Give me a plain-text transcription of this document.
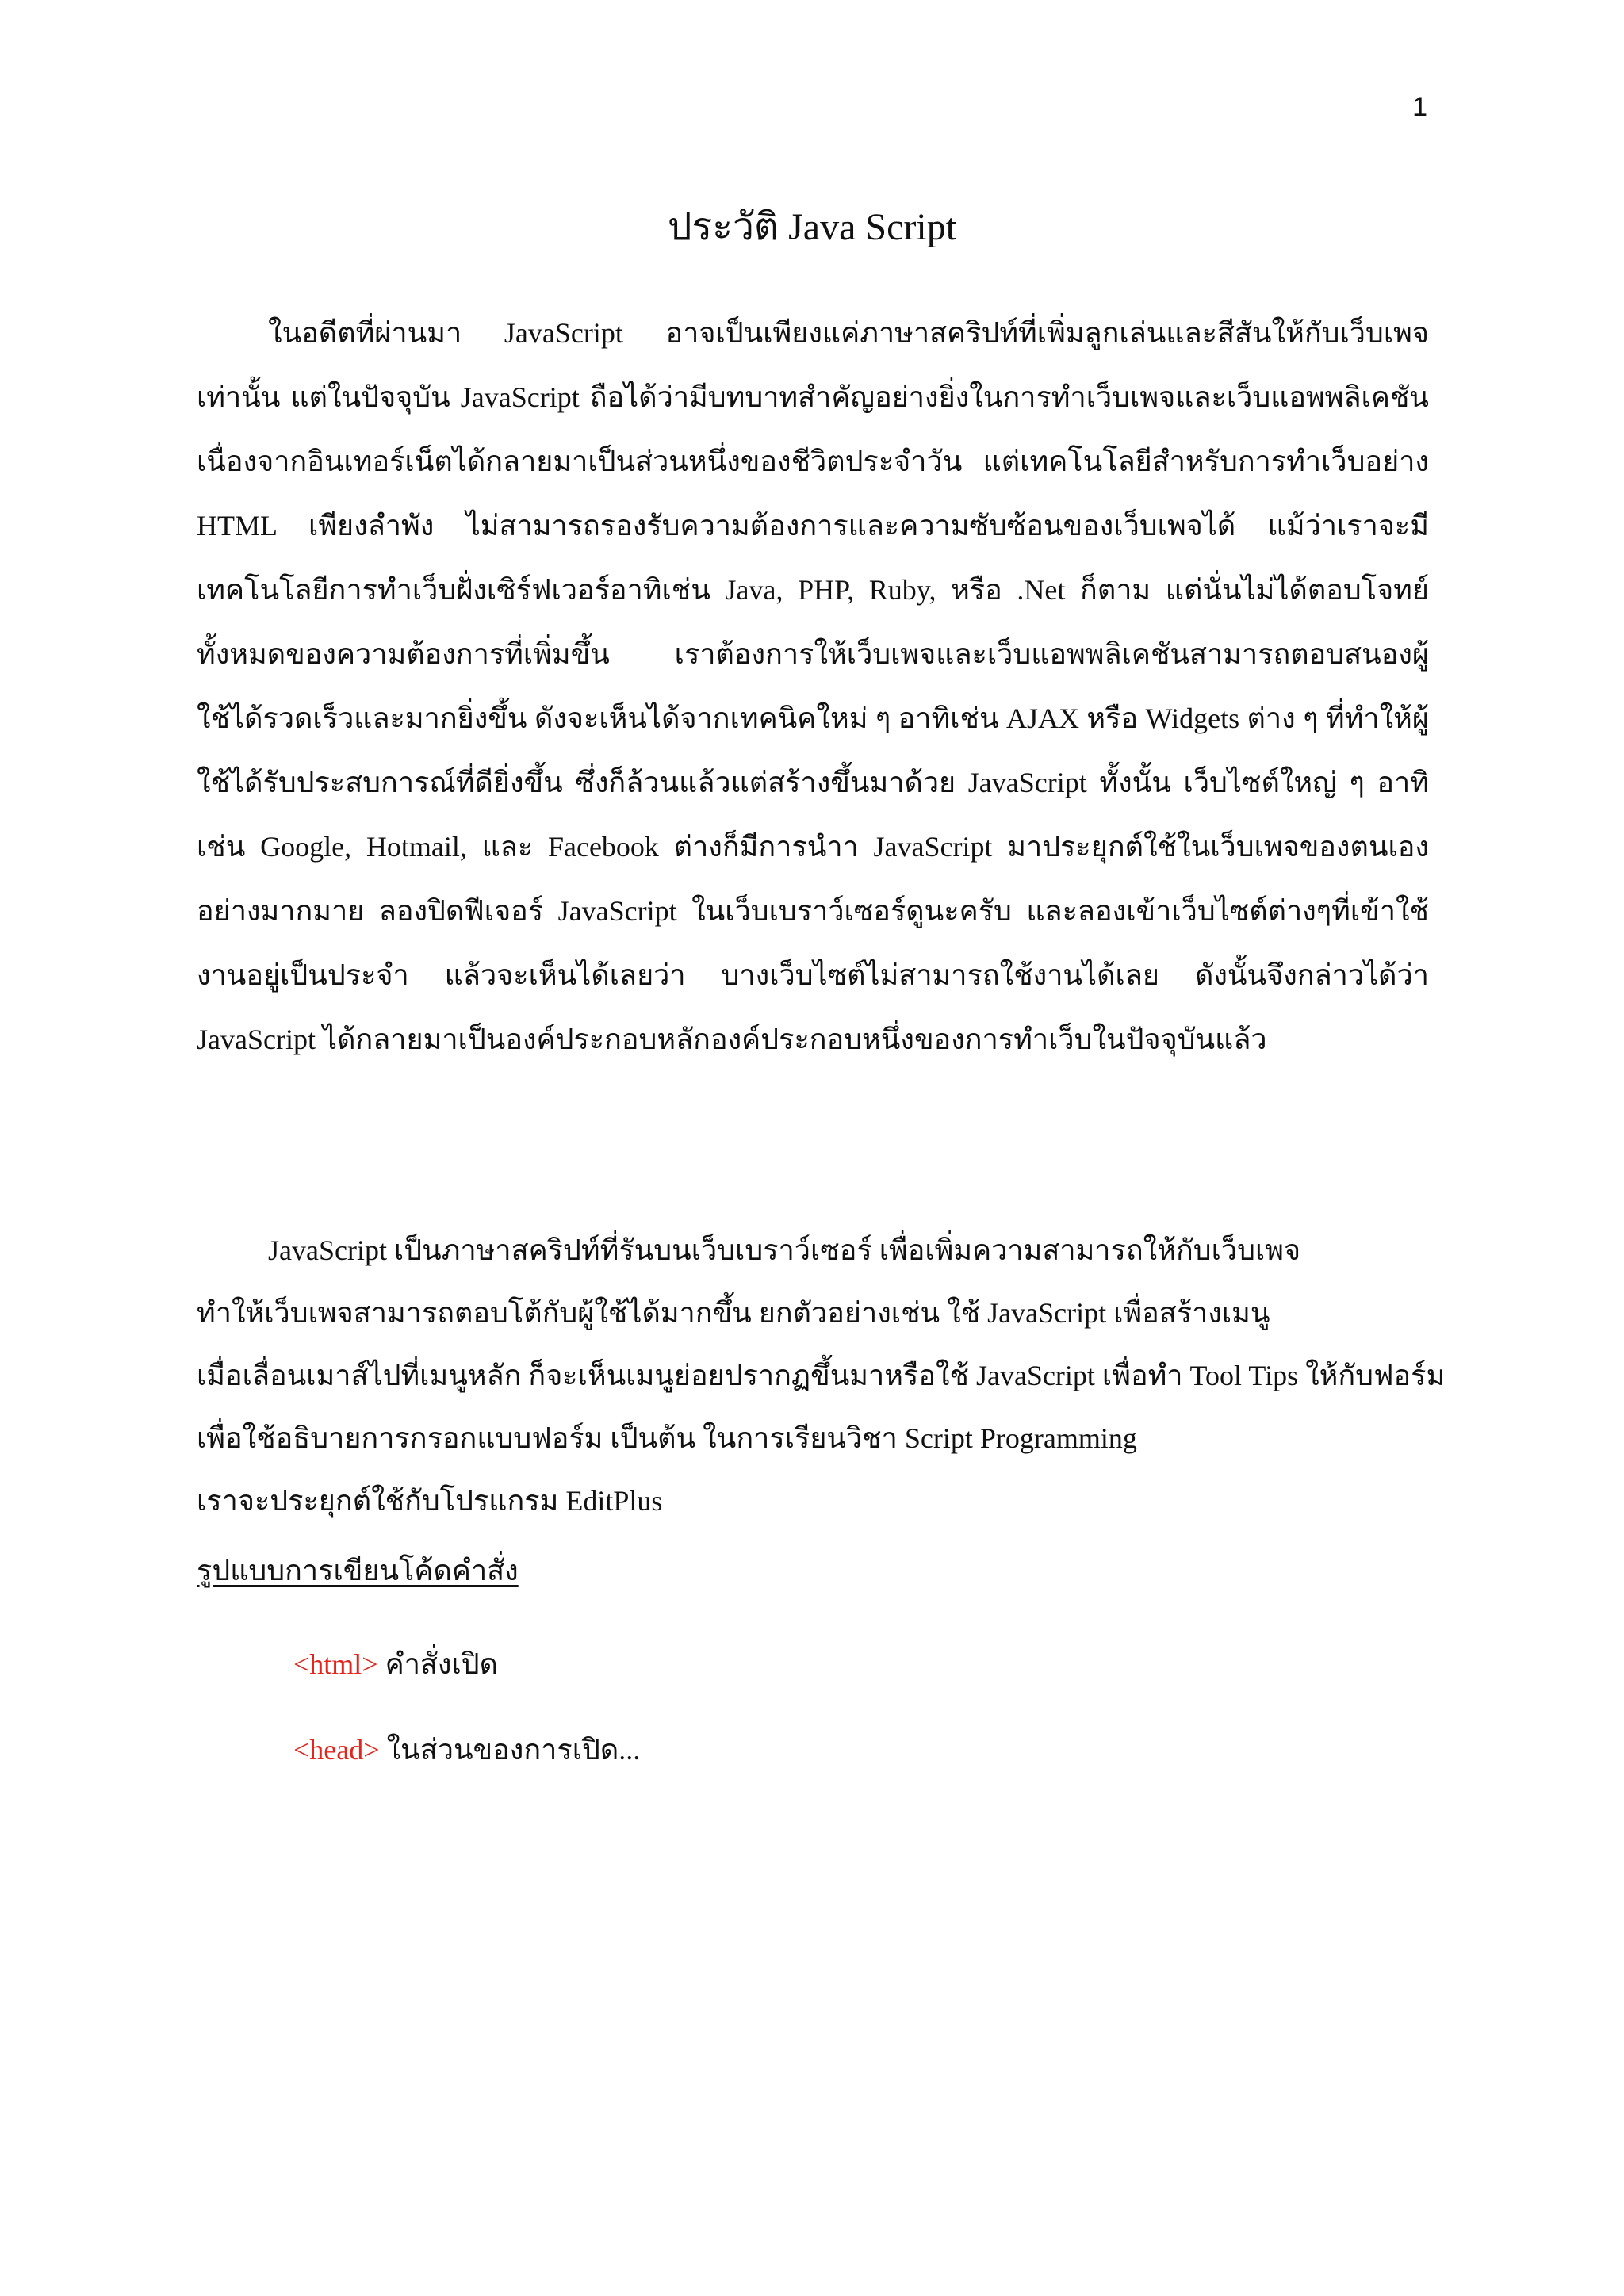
1
ประวัติ Java Script

ในอดีตที่ผ่านมา JavaScript อาจเป็นเพียงแค่ภาษาสคริปท์ที่เพิ่มลูกเล่นและสีสันให้กับเว็บเพจเท่านั้น แต่ในปัจจุบัน JavaScript ถือได้ว่ามีบทบาทสำคัญอย่างยิ่งในการทำเว็บเพจและเว็บแอพพลิเคชัน เนื่องจากอินเทอร์เน็ตได้กลายมาเป็นส่วนหนึ่งของชีวิตประจำวัน แต่เทคโนโลยีสำหรับการทำเว็บอย่าง HTML เพียงลำพัง ไม่สามารถรองรับความต้องการและความซับซ้อนของเว็บเพจได้ แม้ว่าเราจะมีเทคโนโลยีการทำเว็บฝั่งเซิร์ฟเวอร์อาทิเช่น Java, PHP, Ruby, หรือ .Net ก็ตาม แต่นั่นไม่ได้ตอบโจทย์ทั้งหมดของความต้องการที่เพิ่มขึ้น เราต้องการให้เว็บเพจและเว็บแอพพลิเคชันสามารถตอบสนองผู้ใช้ได้รวดเร็วและมากยิ่งขึ้น ดังจะเห็นได้จากเทคนิคใหม่ ๆ อาทิเช่น AJAX หรือ Widgets ต่าง ๆ ที่ทำให้ผู้ใช้ได้รับประสบการณ์ที่ดียิ่งขึ้น ซึ่งก็ล้วนแล้วแต่สร้างขึ้นมาด้วย JavaScript ทั้งนั้น เว็บไซต์ใหญ่ ๆ อาทิเช่น Google, Hotmail, และ Facebook ต่างก็มีการนำา JavaScript มาประยุกต์ใช้ในเว็บเพจของตนเองอย่างมากมาย ลองปิดฟีเจอร์ JavaScript ในเว็บเบราว์เซอร์ดูนะครับ และลองเข้าเว็บไซต์ต่างๆที่เข้าใช้งานอยู่เป็นประจำ แล้วจะเห็นได้เลยว่า บางเว็บไซต์ไม่สามารถใช้งานได้เลย ดังนั้นจึงกล่าวได้ว่า JavaScript ได้กลายมาเป็นองค์ประกอบหลักองค์ประกอบหนึ่งของการทำเว็บในปัจจุบันแล้ว

JavaScript เป็นภาษาสคริปท์ที่รันบนเว็บเบราว์เซอร์ เพื่อเพิ่มความสามารถให้กับเว็บเพจ
ทำให้เว็บเพจสามารถตอบโต้กับผู้ใช้ได้มากขึ้น ยกตัวอย่างเช่น ใช้ JavaScript เพื่อสร้างเมนู
เมื่อเลื่อนเมาส์ไปที่เมนูหลัก ก็จะเห็นเมนูย่อยปรากฏขึ้นมาหรือใช้ JavaScript เพื่อทำ Tool Tips ให้กับฟอร์ม
เพื่อใช้อธิบายการกรอกแบบฟอร์ม เป็นต้น ในการเรียนวิชา Script Programming
เราจะประยุกต์ใช้กับโปรแกรม EditPlus
รูปแบบการเขียนโค้ดคำสั่ง
<html> คำสั่งเปิด
<head> ในส่วนของการเปิด...
